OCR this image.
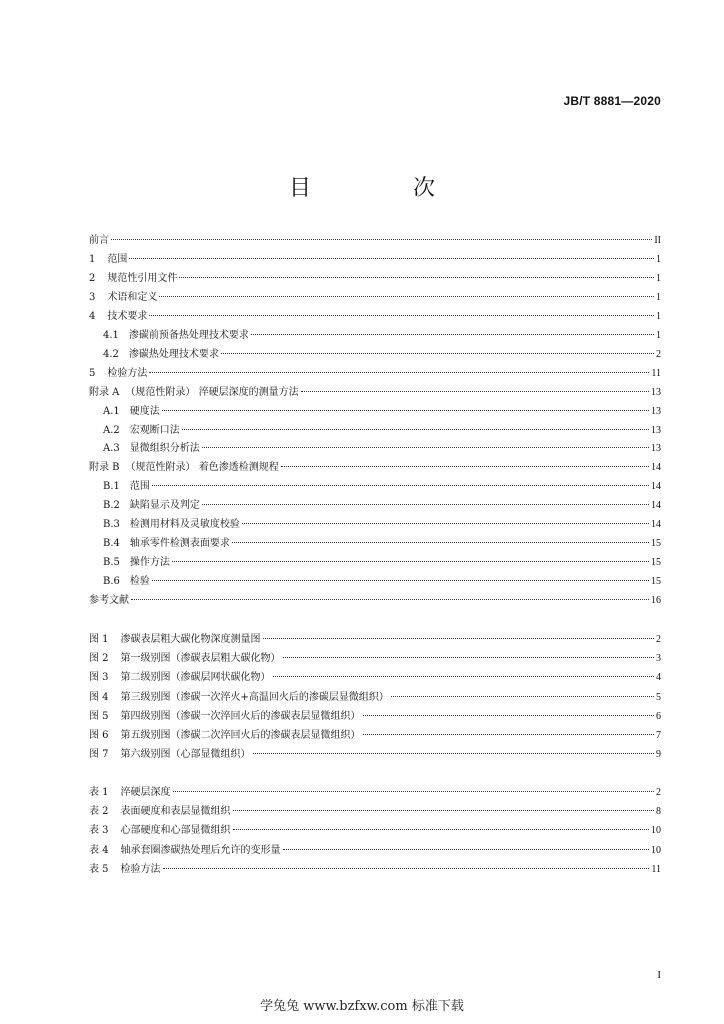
JB/T 8881—2020
目　次
前言	II
1 范围	1
2 规范性引用文件	1
3 术语和定义	1
4 技术要求	1
4.1 渗碳前预备热处理技术要求	1
4.2 渗碳热处理技术要求	2
5 检验方法	11
附录 A （规范性附录） 淬硬层深度的测量方法	13
A.1 硬度法	13
A.2 宏观断口法	13
A.3 显微组织分析法	13
附录 B （规范性附录） 着色渗透检测规程	14
B.1 范围	14
B.2 缺陷显示及判定	14
B.3 检测用材料及灵敏度校验	14
B.4 轴承零件检测表面要求	15
B.5 操作方法	15
B.6 检验	15
参考文献	16
图 1 渗碳表层粗大碳化物深度测量图	2
图 2 第一级别图（渗碳表层粗大碳化物）	3
图 3 第二级别图（渗碳层网状碳化物）	4
图 4 第三级别图（渗碳一次淬火+高温回火后的渗碳层显微组织）	5
图 5 第四级别图（渗碳一次淬回火后的渗碳表层显微组织）	6
图 6 第五级别图（渗碳二次淬回火后的渗碳表层显微组织）	7
图 7 第六级别图（心部显微组织）	9
表 1 淬硬层深度	2
表 2 表面硬度和表层显微组织	8
表 3 心部硬度和心部显微组织	10
表 4 轴承套圈渗碳热处理后允许的变形量	10
表 5 检验方法	11
I
学兔兔 www.bzfxw.com 标准下载
